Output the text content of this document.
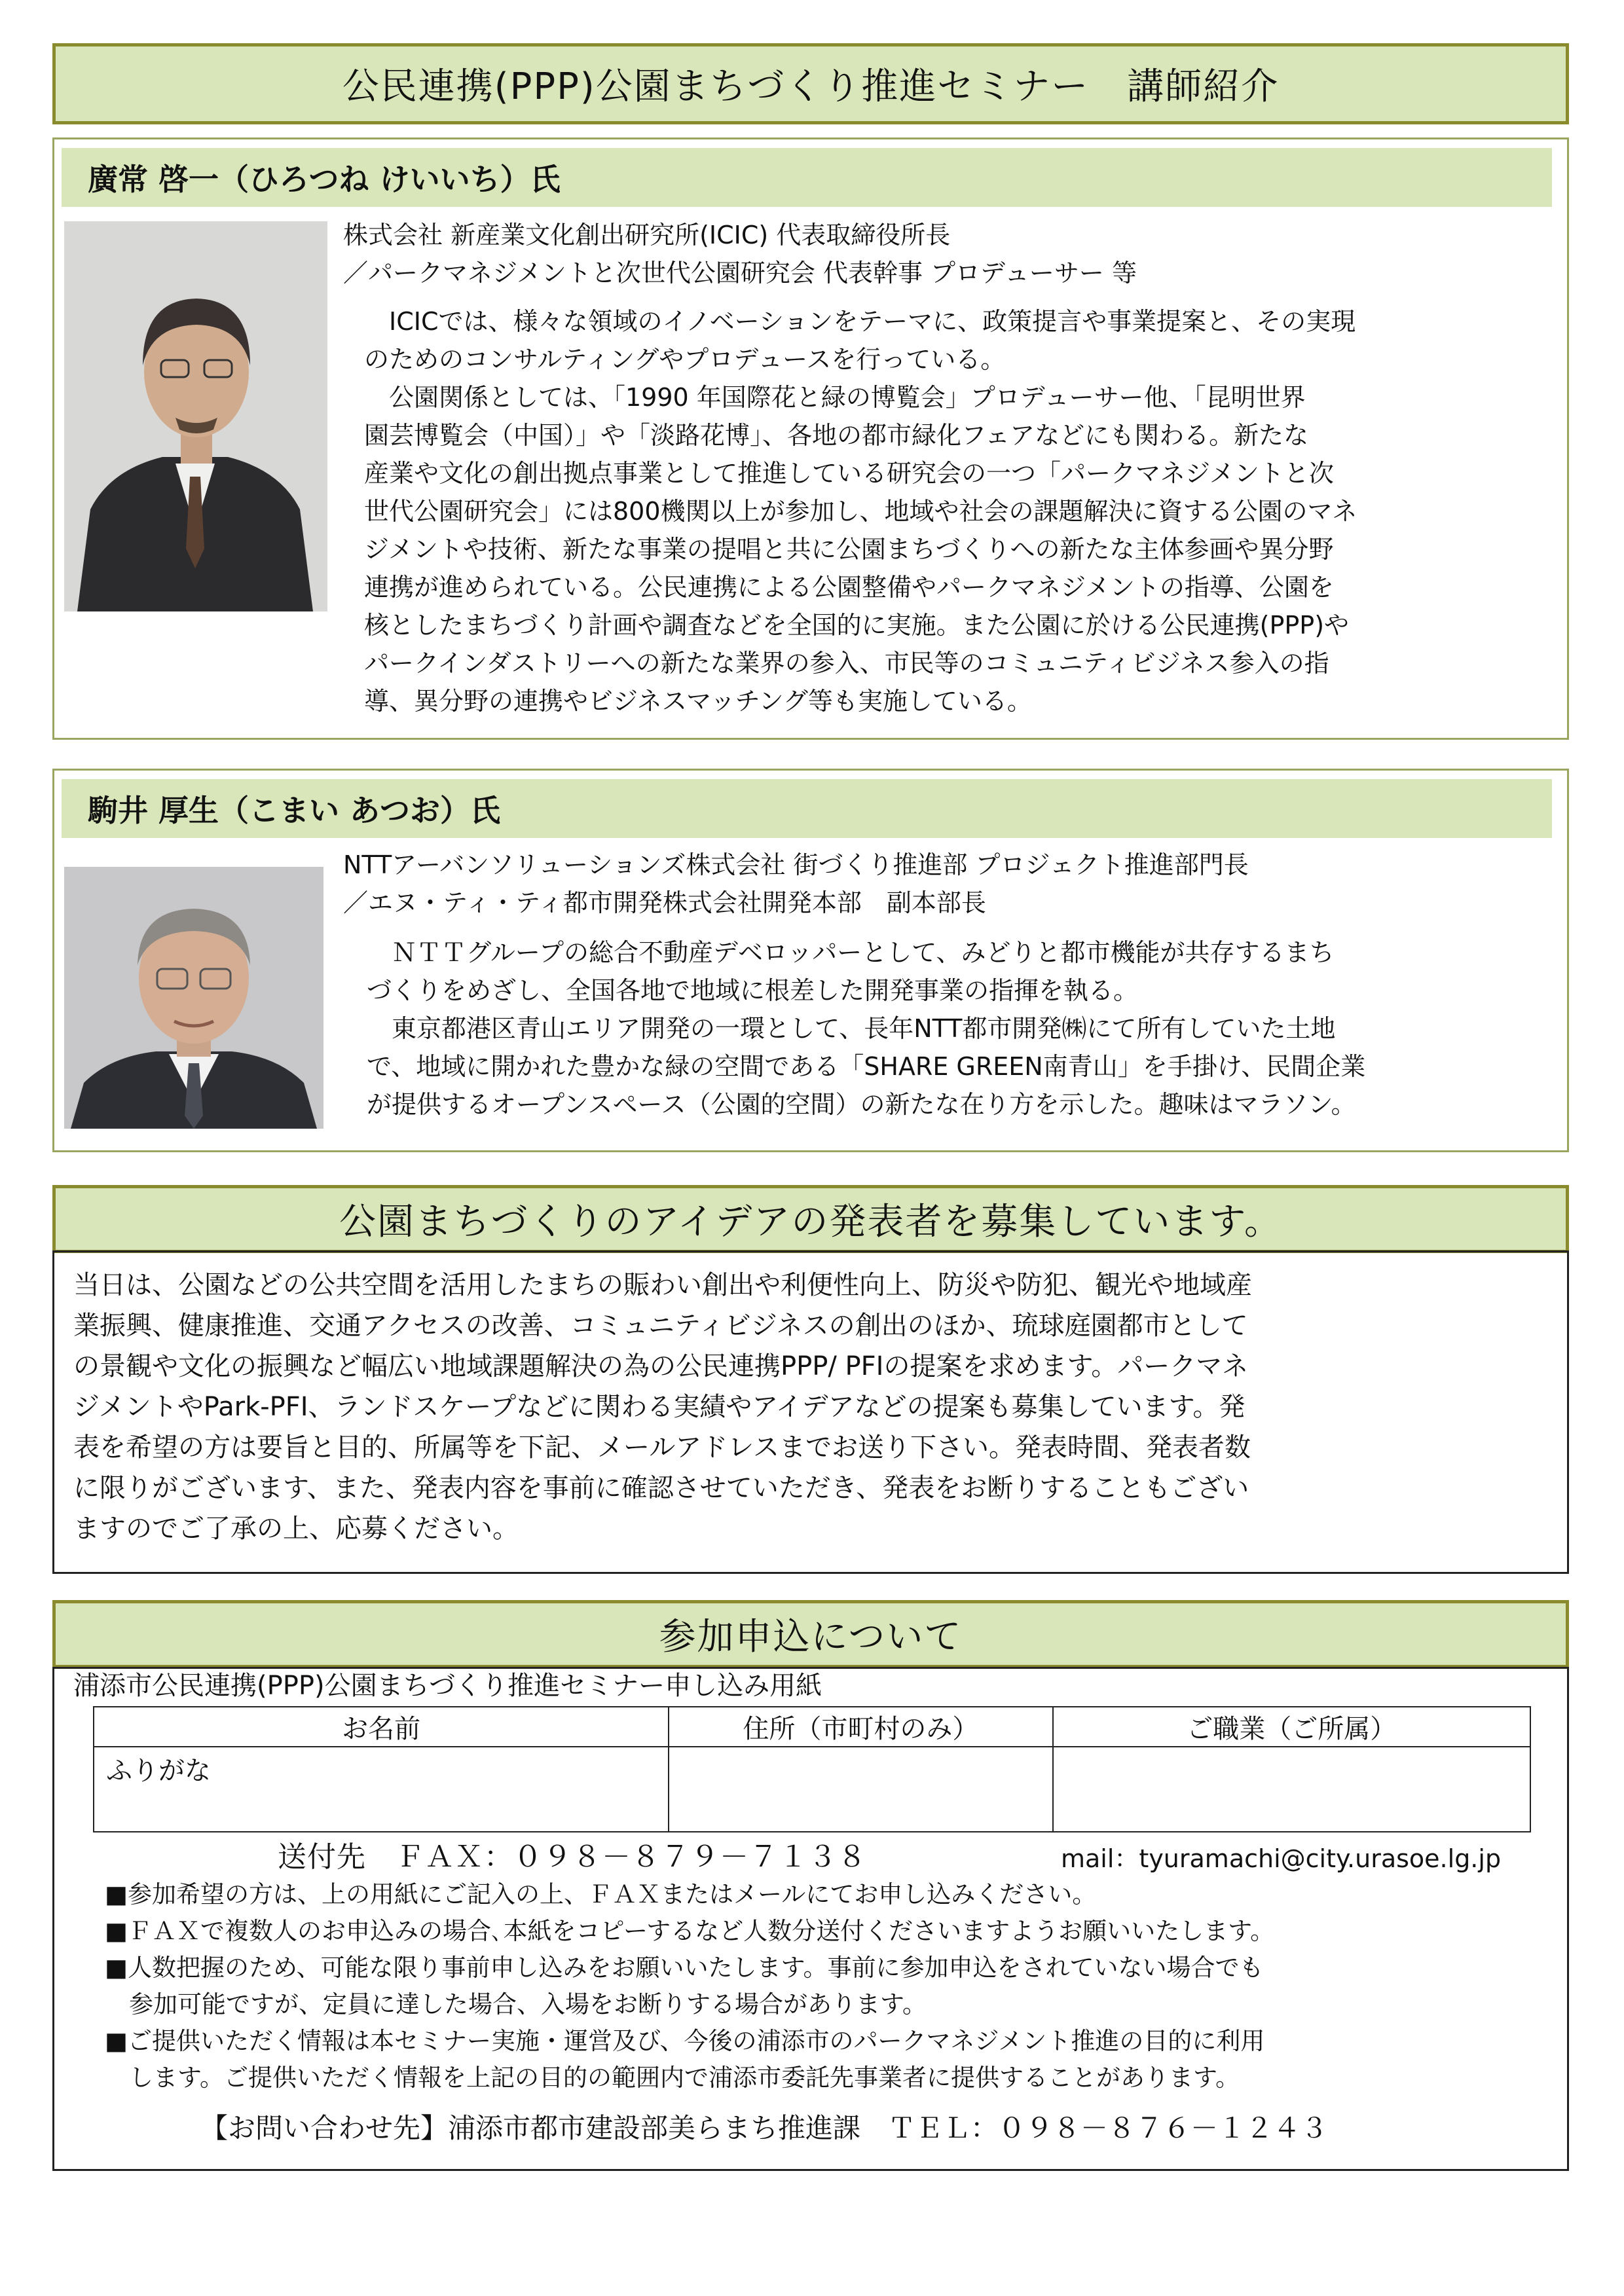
公民連携(PPP)公園まちづくり推進セミナー　講師紹介
廣常 啓一（ひろつね けいいち）氏
株式会社 新産業文化創出研究所(ICIC) 代表取締役所長
／パークマネジメントと次世代公園研究会 代表幹事 プロデューサー 等
　ICICでは、様々な領域のイノベーションをテーマに、政策提言や事業提案と、その実現
のためのコンサルティングやプロデュースを行っている。
　公園関係としては、「1990 年国際花と緑の博覧会」プロデューサー他、「昆明世界
園芸博覧会（中国）」や「淡路花博」、各地の都市緑化フェアなどにも関わる。新たな
産業や文化の創出拠点事業として推進している研究会の一つ「パークマネジメントと次
世代公園研究会」には800機関以上が参加し、地域や社会の課題解決に資する公園のマネ
ジメントや技術、新たな事業の提唱と共に公園まちづくりへの新たな主体参画や異分野
連携が進められている。公民連携による公園整備やパークマネジメントの指導、公園を
核としたまちづくり計画や調査などを全国的に実施。また公園に於ける公民連携(PPP)や
パークインダストリーへの新たな業界の参入、市民等のコミュニティビジネス参入の指
導、異分野の連携やビジネスマッチング等も実施している。
駒井 厚生（こまい あつお）氏
NTTアーバンソリューションズ株式会社 街づくり推進部 プロジェクト推進部門長
／エヌ・ティ・ティ都市開発株式会社開発本部　副本部長
　ＮＴＴグループの総合不動産デベロッパーとして、みどりと都市機能が共存するまち
づくりをめざし、全国各地で地域に根差した開発事業の指揮を執る。
　東京都港区青山エリア開発の一環として、長年NTT都市開発㈱にて所有していた土地
で、地域に開かれた豊かな緑の空間である「SHARE GREEN南青山」を手掛け、民間企業
が提供するオープンスペース（公園的空間）の新たな在り方を示した。趣味はマラソン。
公園まちづくりのアイデアの発表者を募集しています。
当日は、公園などの公共空間を活用したまちの賑わい創出や利便性向上、防災や防犯、観光や地域産
業振興、健康推進、交通アクセスの改善、コミュニティビジネスの創出のほか、琉球庭園都市として
の景観や文化の振興など幅広い地域課題解決の為の公民連携PPP/ PFIの提案を求めます。パークマネ
ジメントやPark-PFI、ランドスケープなどに関わる実績やアイデアなどの提案も募集しています。発
表を希望の方は要旨と目的、所属等を下記、メールアドレスまでお送り下さい。発表時間、発表者数
に限りがございます、また、発表内容を事前に確認させていただき、発表をお断りすることもござい
ますのでご了承の上、応募ください。
参加申込について
浦添市公民連携(PPP)公園まちづくり推進セミナー申し込み用紙
お名前	住所（市町村のみ）	ご職業（ご所属）
ふりがな		
送付先　ＦＡＸ：０９８－８７９－７１３８	mail：tyuramachi@city.urasoe.lg.jp
■参加希望の方は、上の用紙にご記入の上、ＦＡＸまたはメールにてお申し込みください。
■ＦＡＸで複数人のお申込みの場合､本紙をコピーするなど人数分送付くださいますようお願いいたします。
■人数把握のため、可能な限り事前申し込みをお願いいたします。事前に参加申込をされていない場合でも
　参加可能ですが、定員に達した場合、入場をお断りする場合があります。
■ご提供いただく情報は本セミナー実施・運営及び、今後の浦添市のパークマネジメント推進の目的に利用
　します。ご提供いただく情報を上記の目的の範囲内で浦添市委託先事業者に提供することがあります。
【お問い合わせ先】浦添市都市建設部美らまち推進課　ＴＥＬ：０９８－８７６－１２４３
